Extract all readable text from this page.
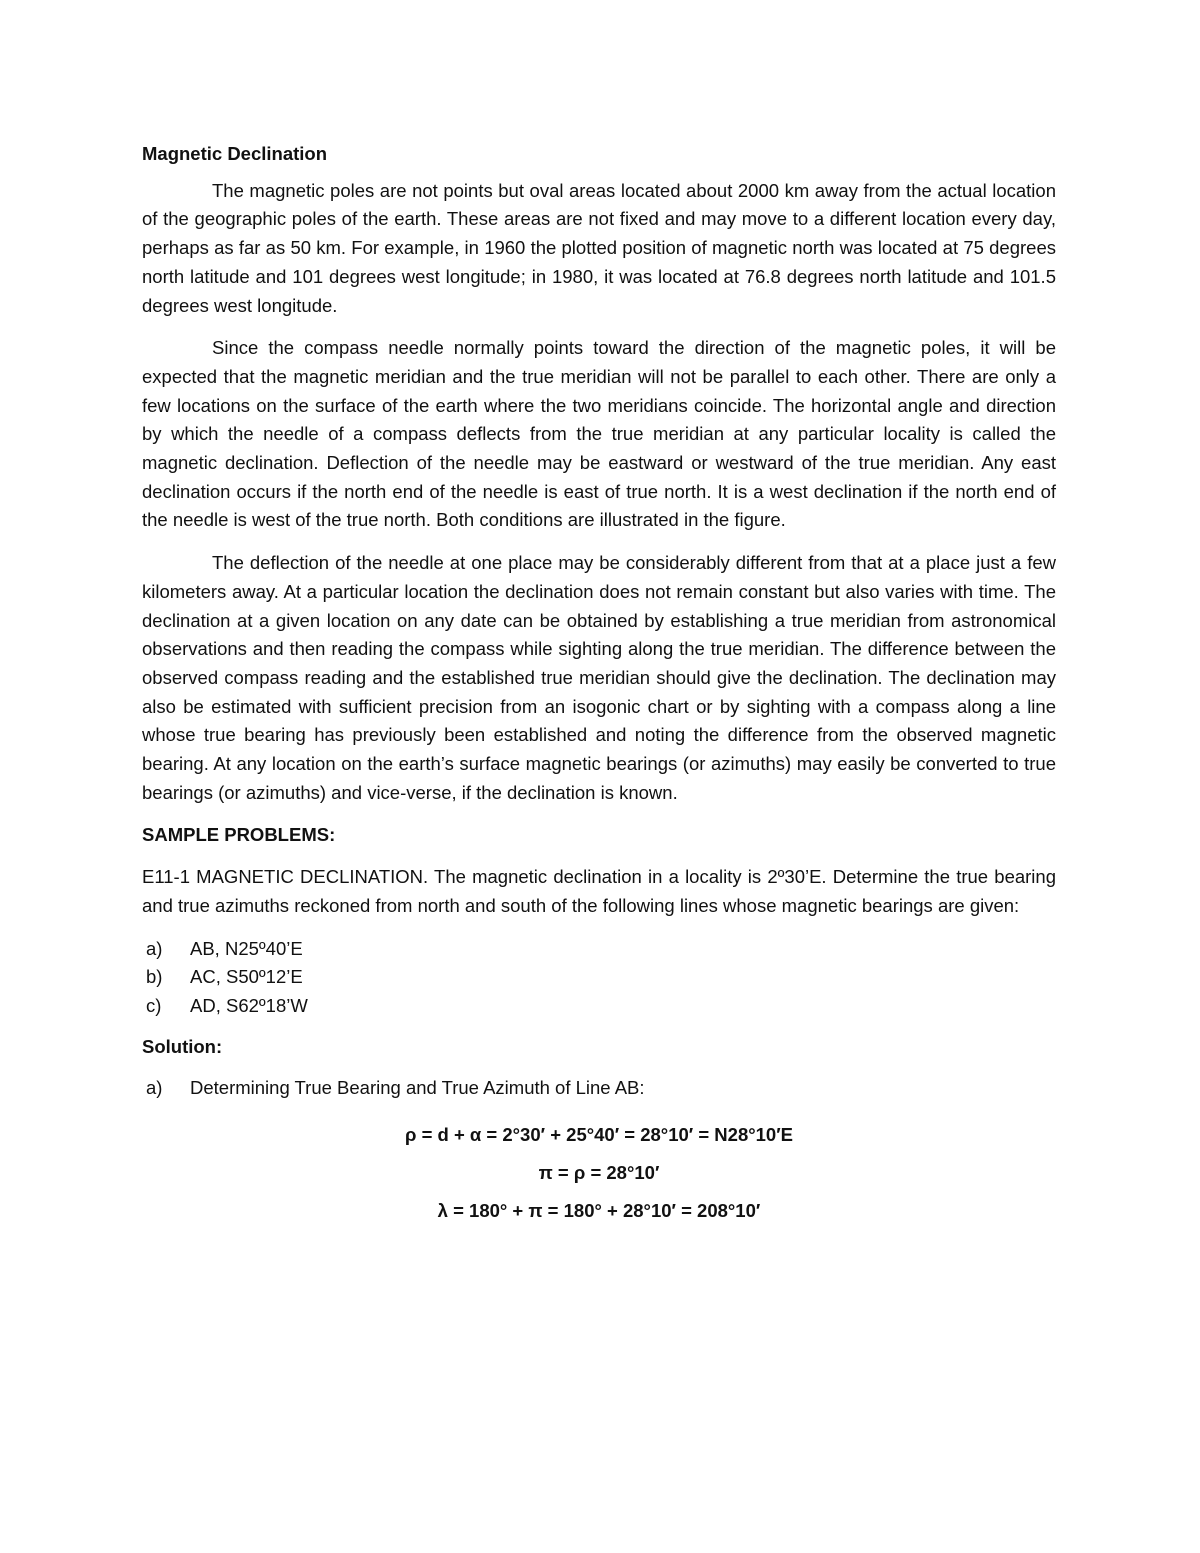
Magnetic Declination

The magnetic poles are not points but oval areas located about 2000 km away from the actual location of the geographic poles of the earth. These areas are not fixed and may move to a different location every day, perhaps as far as 50 km. For example, in 1960 the plotted position of magnetic north was located at 75 degrees north latitude and 101 degrees west longitude; in 1980, it was located at 76.8 degrees north latitude and 101.5 degrees west longitude.

Since the compass needle normally points toward the direction of the magnetic poles, it will be expected that the magnetic meridian and the true meridian will not be parallel to each other. There are only a few locations on the surface of the earth where the two meridians coincide. The horizontal angle and direction by which the needle of a compass deflects from the true meridian at any particular locality is called the magnetic declination. Deflection of the needle may be eastward or westward of the true meridian. Any east declination occurs if the north end of the needle is east of true north. It is a west declination if the north end of the needle is west of the true north. Both conditions are illustrated in the figure.

The deflection of the needle at one place may be considerably different from that at a place just a few kilometers away. At a particular location the declination does not remain constant but also varies with time. The declination at a given location on any date can be obtained by establishing a true meridian from astronomical observations and then reading the compass while sighting along the true meridian. The difference between the observed compass reading and the established true meridian should give the declination. The declination may also be estimated with sufficient precision from an isogonic chart or by sighting with a compass along a line whose true bearing has previously been established and noting the difference from the observed magnetic bearing. At any location on the earth’s surface magnetic bearings (or azimuths) may easily be converted to true bearings (or azimuths) and vice-verse, if the declination is known.

SAMPLE PROBLEMS:

E11-1 MAGNETIC DECLINATION. The magnetic declination in a locality is 2º30’E. Determine the true bearing and true azimuths reckoned from north and south of the following lines whose magnetic bearings are given:

a)	AB, N25º40’E
b)	AC, S50º12’E
c)	AD, S62º18’W
Solution:
a)	Determining True Bearing and True Azimuth of Line AB:
ρ = d + α = 2°30′ + 25°40′ = 28°10′ = N28°10′E
π = ρ = 28°10′
λ = 180° + π = 180° + 28°10′ = 208°10′
